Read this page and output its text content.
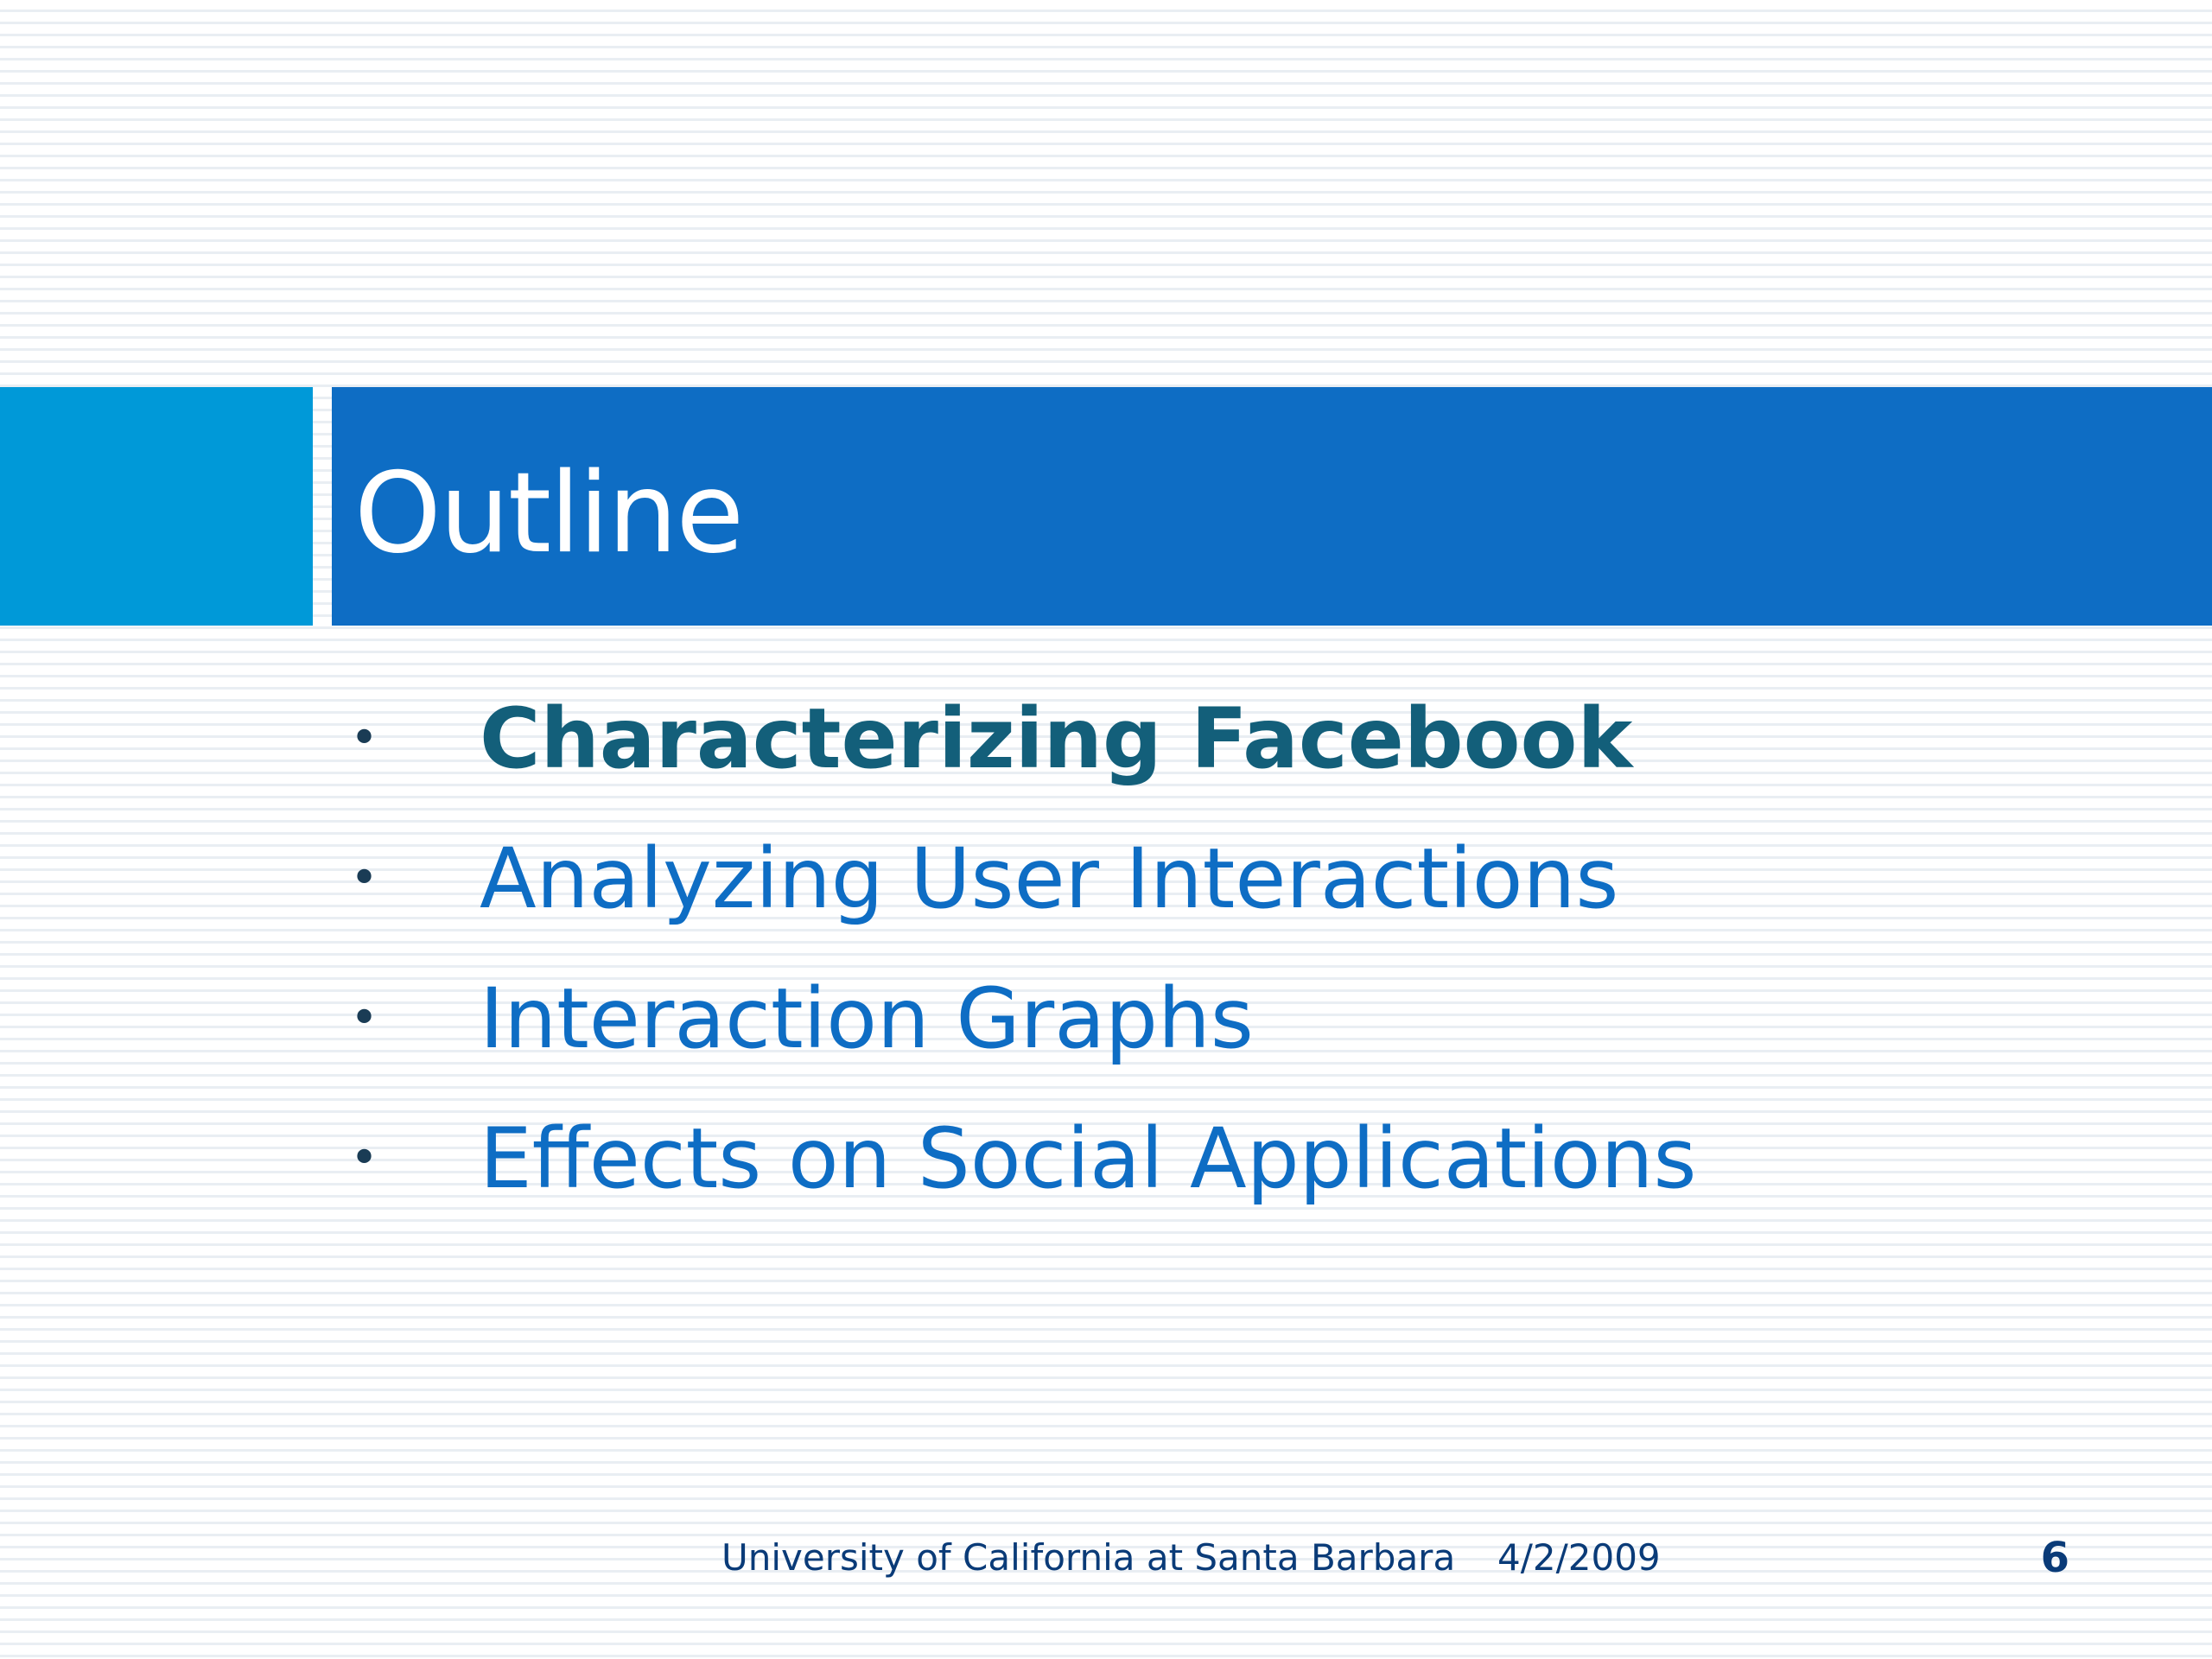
Outline
• Characterizing Facebook
• Analyzing User Interactions
• Interaction Graphs
• Effects on Social Applications
University of California at Santa Barbara 4/2/2009	6
